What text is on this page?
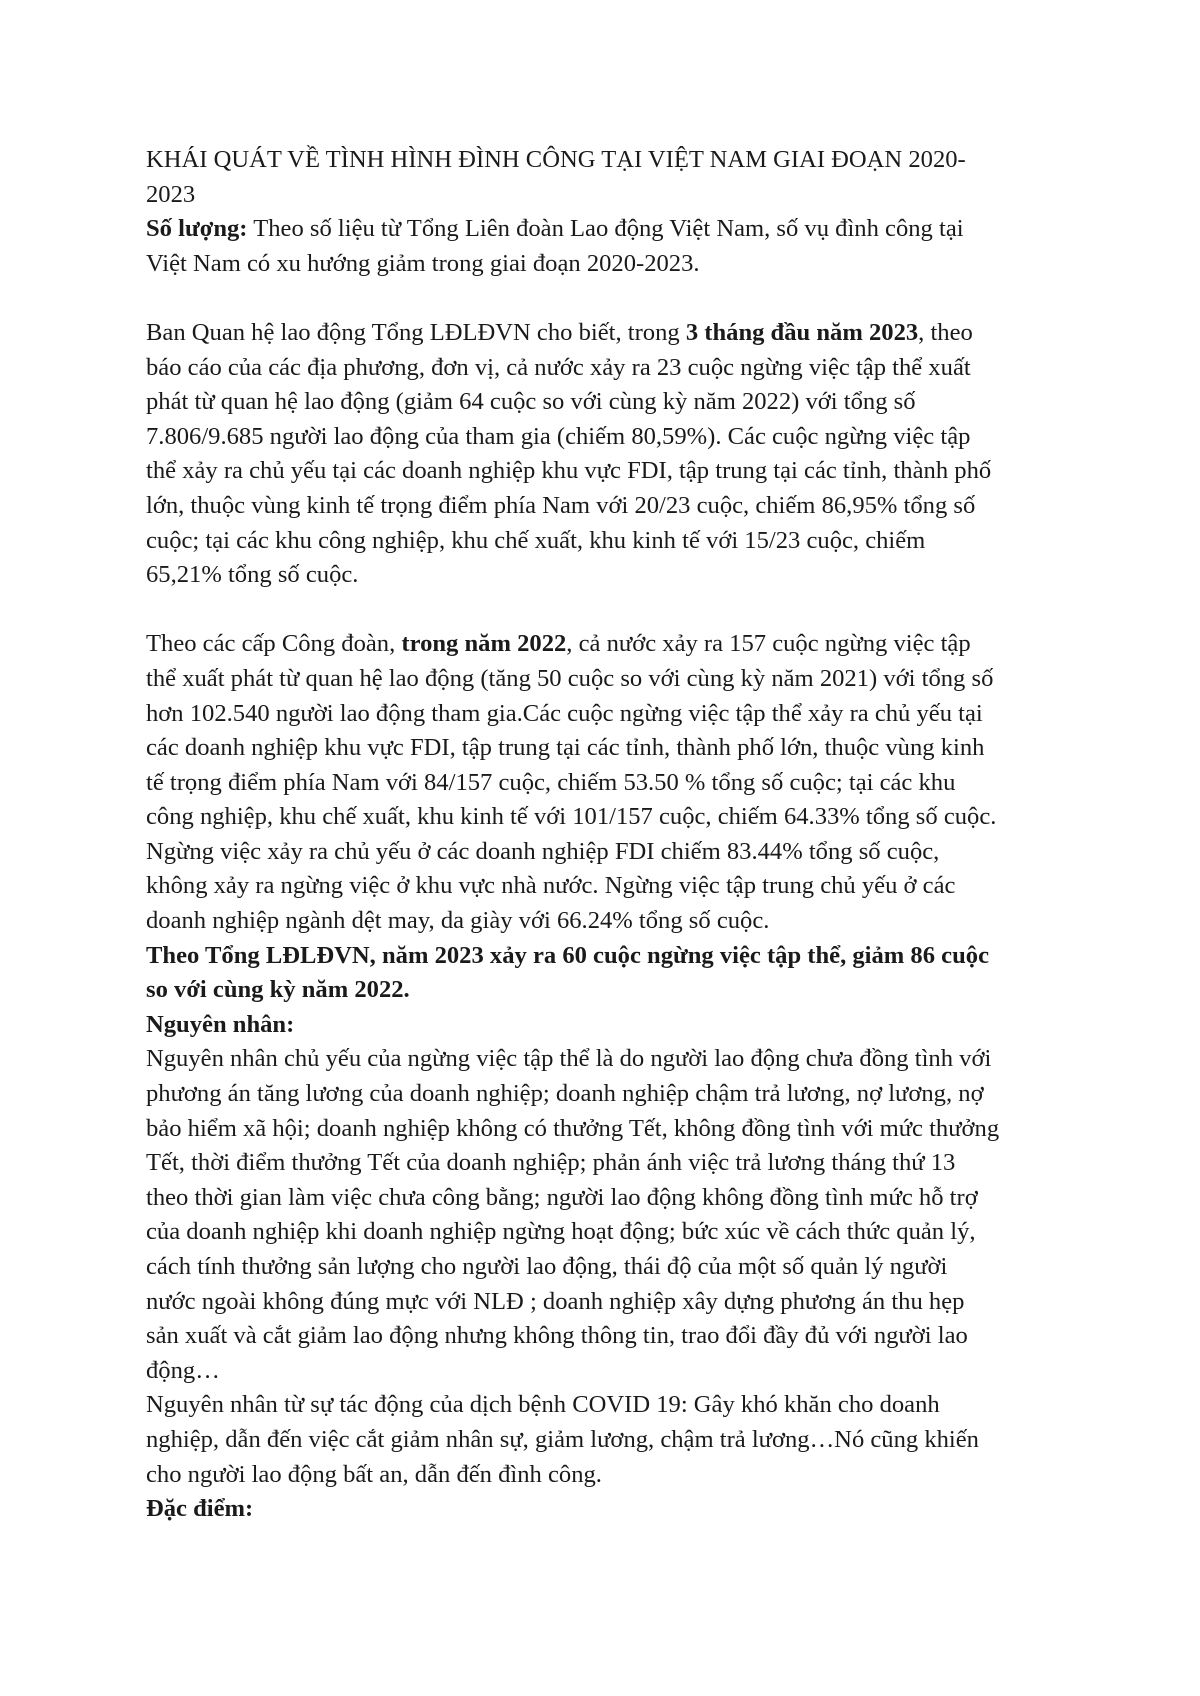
KHÁI QUÁT VỀ TÌNH HÌNH ĐÌNH CÔNG TẠI VIỆT NAM GIAI ĐOẠN 2020-
2023
Số lượng: Theo số liệu từ Tổng Liên đoàn Lao động Việt Nam, số vụ đình công tại
Việt Nam có xu hướng giảm trong giai đoạn 2020-2023.
Ban Quan hệ lao động Tổng LĐLĐVN cho biết, trong 3 tháng đầu năm 2023, theo
báo cáo của các địa phương, đơn vị, cả nước xảy ra 23 cuộc ngừng việc tập thể xuất
phát từ quan hệ lao động (giảm 64 cuộc so với cùng kỳ năm 2022) với tổng số
7.806/9.685 người lao động của tham gia (chiếm 80,59%). Các cuộc ngừng việc tập
thể xảy ra chủ yếu tại các doanh nghiệp khu vực FDI, tập trung tại các tỉnh, thành phố
lớn, thuộc vùng kinh tế trọng điểm phía Nam với 20/23 cuộc, chiếm 86,95% tổng số
cuộc; tại các khu công nghiệp, khu chế xuất, khu kinh tế với 15/23 cuộc, chiếm
65,21% tổng số cuộc.
Theo các cấp Công đoàn, trong năm 2022, cả nước xảy ra 157 cuộc ngừng việc tập
thể xuất phát từ quan hệ lao động (tăng 50 cuộc so với cùng kỳ năm 2021) với tổng số
hơn 102.540 người lao động tham gia.Các cuộc ngừng việc tập thể xảy ra chủ yếu tại
các doanh nghiệp khu vực FDI, tập trung tại các tỉnh, thành phố lớn, thuộc vùng kinh
tế trọng điểm phía Nam với 84/157 cuộc, chiếm 53.50 % tổng số cuộc; tại các khu
công nghiệp, khu chế xuất, khu kinh tế với 101/157 cuộc, chiếm 64.33% tổng số cuộc.
Ngừng việc xảy ra chủ yếu ở các doanh nghiệp FDI chiếm 83.44% tổng số cuộc,
không xảy ra ngừng việc ở khu vực nhà nước. Ngừng việc tập trung chủ yếu ở các
doanh nghiệp ngành dệt may, da giày với 66.24% tổng số cuộc.
Theo Tổng LĐLĐVN, năm 2023 xảy ra 60 cuộc ngừng việc tập thể, giảm 86 cuộc
so với cùng kỳ năm 2022.
Nguyên nhân:
Nguyên nhân chủ yếu của ngừng việc tập thể là do người lao động chưa đồng tình với
phương án tăng lương của doanh nghiệp; doanh nghiệp chậm trả lương, nợ lương, nợ
bảo hiểm xã hội; doanh nghiệp không có thưởng Tết, không đồng tình với mức thưởng
Tết, thời điểm thưởng Tết của doanh nghiệp; phản ánh việc trả lương tháng thứ 13
theo thời gian làm việc chưa công bằng; người lao động không đồng tình mức hỗ trợ
của doanh nghiệp khi doanh nghiệp ngừng hoạt động; bức xúc về cách thức quản lý,
cách tính thưởng sản lượng cho người lao động, thái độ của một số quản lý người
nước ngoài không đúng mực với NLĐ ; doanh nghiệp xây dựng phương án thu hẹp
sản xuất và cắt giảm lao động nhưng không thông tin, trao đổi đầy đủ với người lao
động…
Nguyên nhân từ sự tác động của dịch bệnh COVID 19: Gây khó khăn cho doanh
nghiệp, dẫn đến việc cắt giảm nhân sự, giảm lương, chậm trả lương…Nó cũng khiến
cho người lao động bất an, dẫn đến đình công.
Đặc điểm:
